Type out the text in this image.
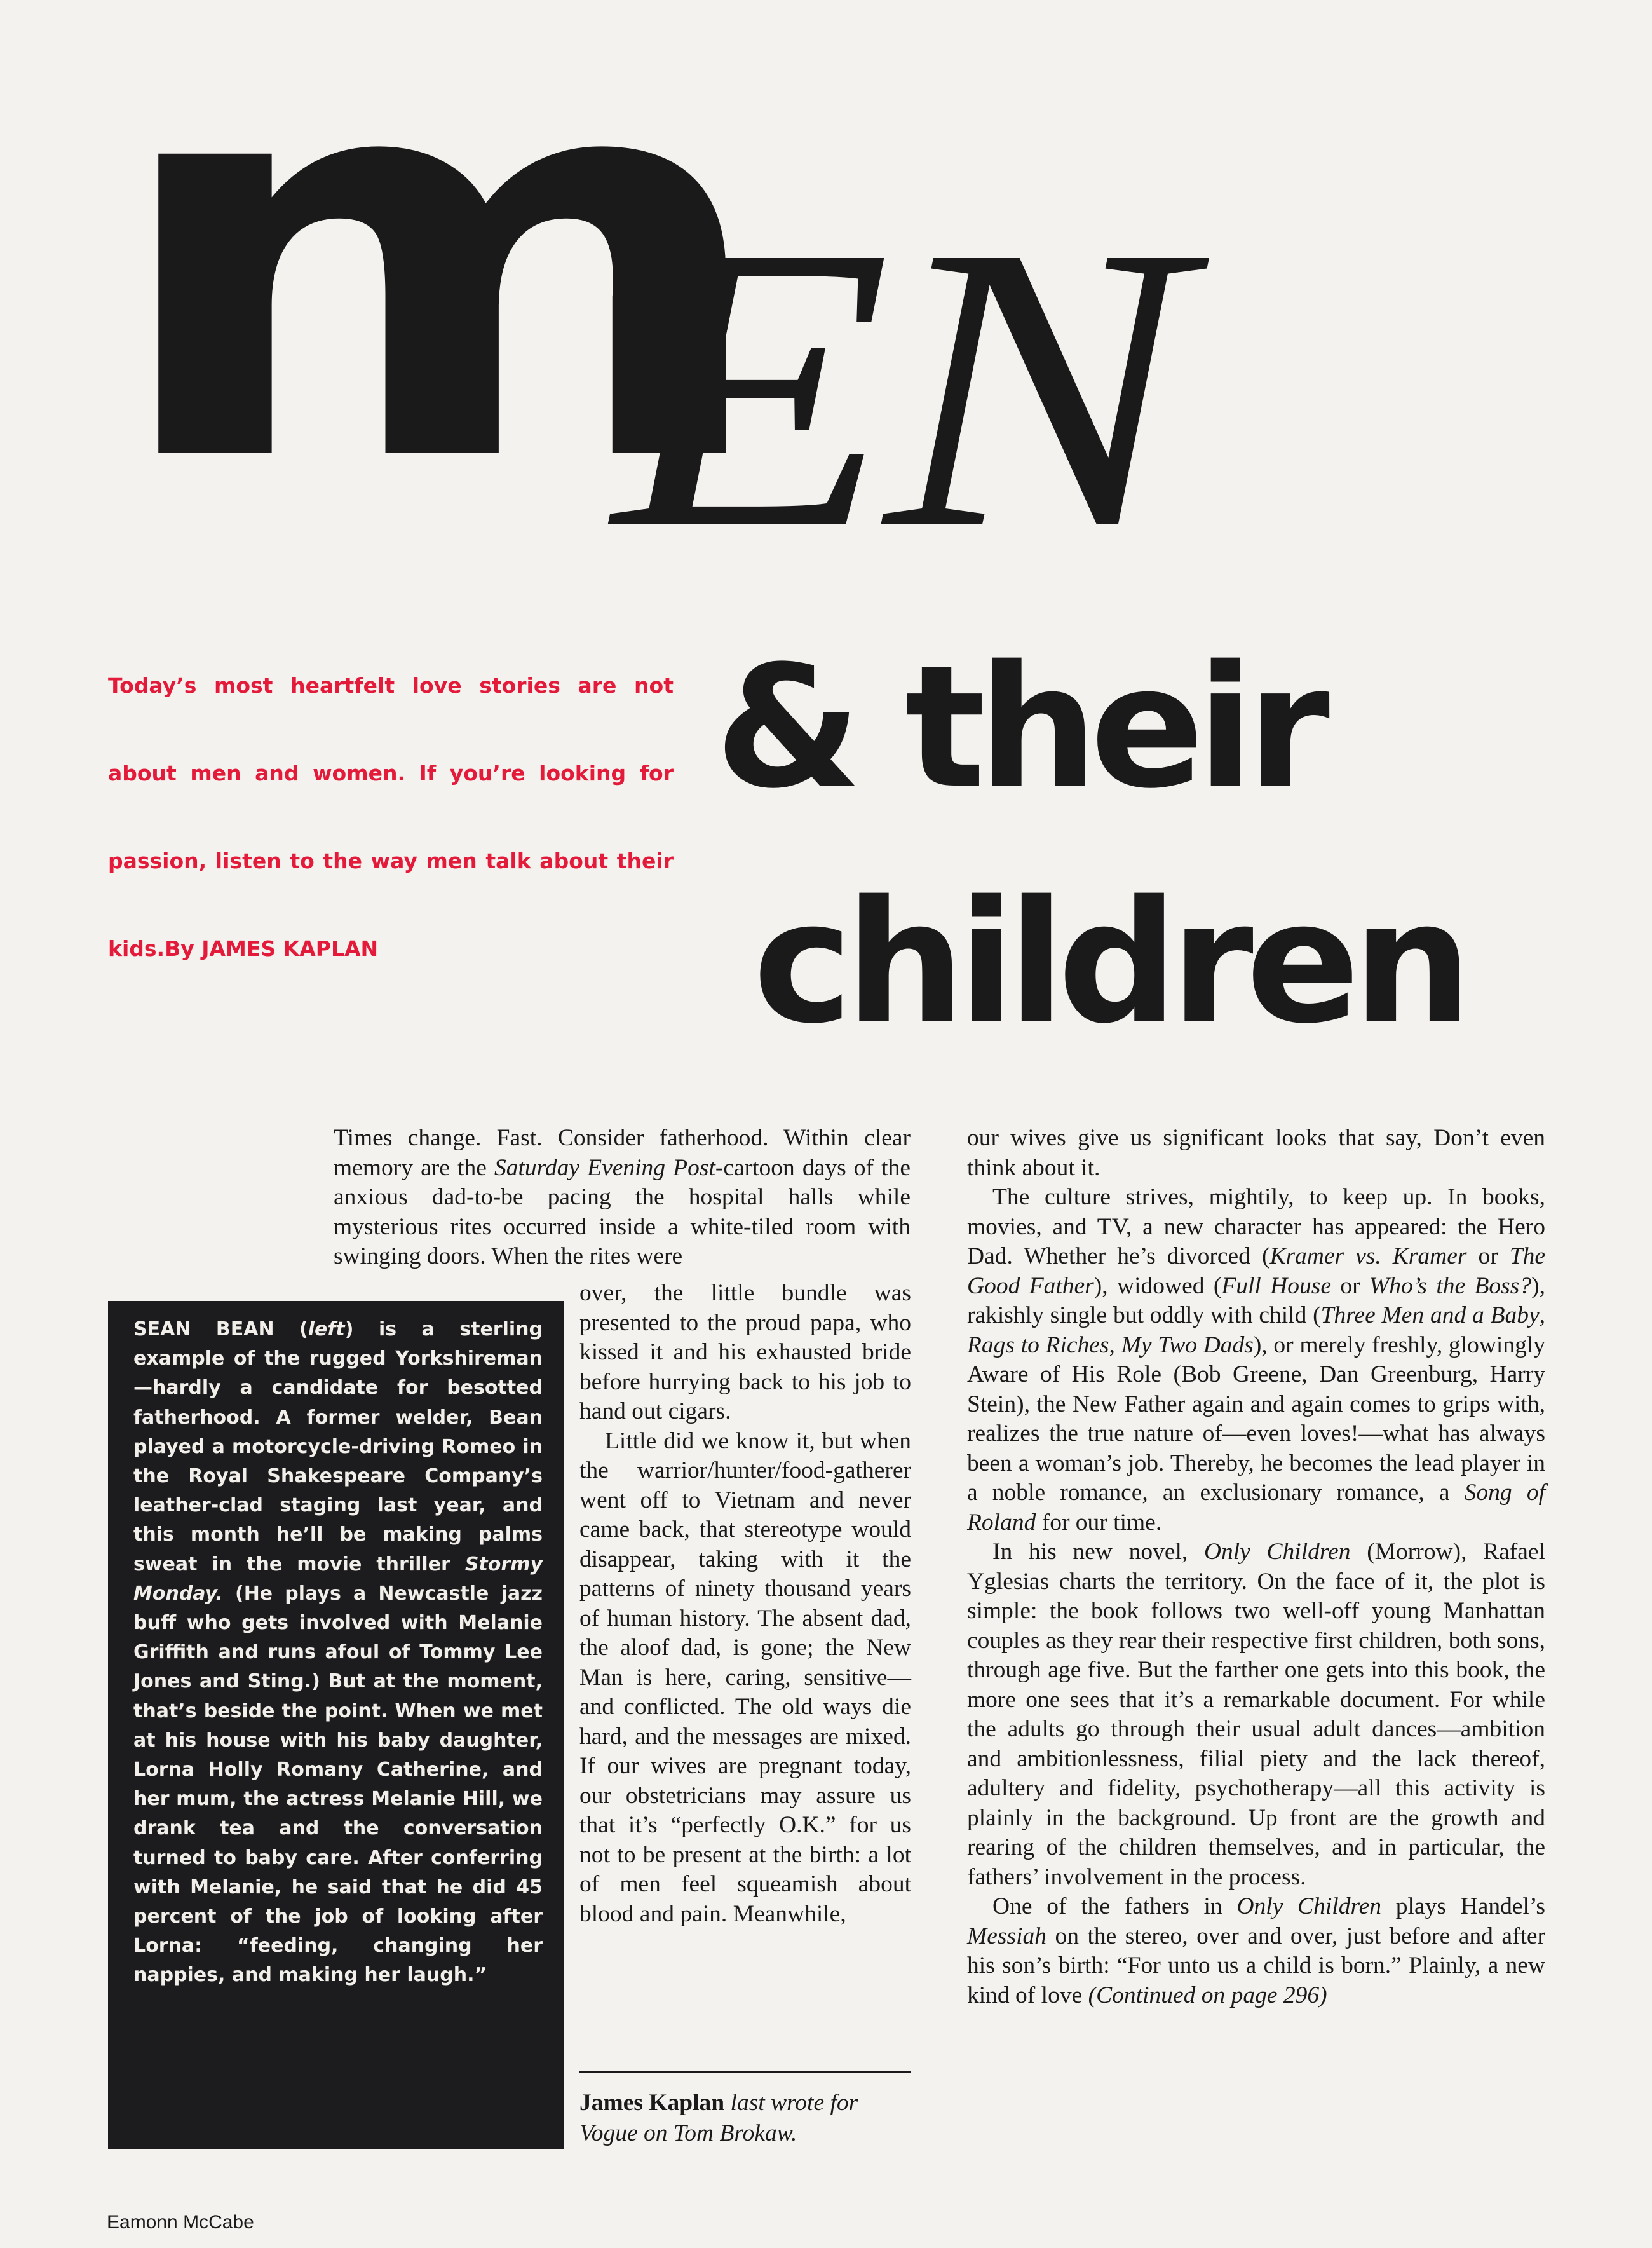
m
EN
& their
children
Today’s most heartfelt love stories are not about men and women. If you’re looking for passion, listen to the way men talk about their kids.By JAMES KAPLAN

Times change. Fast. Consider fatherhood. Within clear memory are the Saturday Evening Post-cartoon days of the anxious dad-to-be pacing the hospital halls while mysterious rites occurred inside a white-tiled room with swinging doors. When the rites were

SEAN BEAN (left) is a sterling example of the rugged Yorkshireman—hardly a candidate for besotted fatherhood. A former welder, Bean played a motorcycle-driving Romeo in the Royal Shakespeare Company’s leather-clad staging last year, and this month he’ll be making palms sweat in the movie thriller Stormy Monday. (He plays a Newcastle jazz buff who gets involved with Melanie Griffith and runs afoul of Tommy Lee Jones and Sting.) But at the moment, that’s beside the point. When we met at his house with his baby daughter, Lorna Holly Romany Catherine, and her mum, the actress Melanie Hill, we drank tea and the conversation turned to baby care. After conferring with Melanie, he said that he did 45 percent of the job of looking after Lorna: “feeding, changing her nappies, and making her laugh.”

over, the little bundle was presented to the proud papa, who kissed it and his exhausted bride before hurrying back to his job to hand out cigars.

Little did we know it, but when the warrior/hunter/food-gatherer went off to Vietnam and never came back, that stereotype would disappear, taking with it the patterns of ninety thousand years of human history. The absent dad, the aloof dad, is gone; the New Man is here, caring, sensitive—and conflicted. The old ways die hard, and the messages are mixed. If our wives are pregnant today, our obstetricians may assure us that it’s “perfectly O.K.” for us not to be present at the birth: a lot of men feel squeamish about blood and pain. Meanwhile,

James Kaplan last wrote for Vogue on Tom Brokaw.

our wives give us significant looks that say, Don’t even think about it.

The culture strives, mightily, to keep up. In books, movies, and TV, a new character has appeared: the Hero Dad. Whether he’s divorced (Kramer vs. Kramer or The Good Father), widowed (Full House or Who’s the Boss?), rakishly single but oddly with child (Three Men and a Baby, Rags to Riches, My Two Dads), or merely freshly, glowingly Aware of His Role (Bob Greene, Dan Greenburg, Harry Stein), the New Father again and again comes to grips with, realizes the true nature of—even loves!—what has always been a woman’s job. Thereby, he becomes the lead player in a noble romance, an exclusionary romance, a Song of Roland for our time.

In his new novel, Only Children (Morrow), Rafael Yglesias charts the territory. On the face of it, the plot is simple: the book follows two well-off young Manhattan couples as they rear their respective first children, both sons, through age five. But the farther one gets into this book, the more one sees that it’s a remarkable document. For while the adults go through their usual adult dances—ambition and ambitionlessness, filial piety and the lack thereof, adultery and fidelity, psychotherapy—all this activity is plainly in the background. Up front are the growth and rearing of the children themselves, and in particular, the fathers’ involvement in the process.

One of the fathers in Only Children plays Handel’s Messiah on the stereo, over and over, just before and after his son’s birth: “For unto us a child is born.” Plainly, a new kind of love (Continued on page 296)

Eamonn McCabe
